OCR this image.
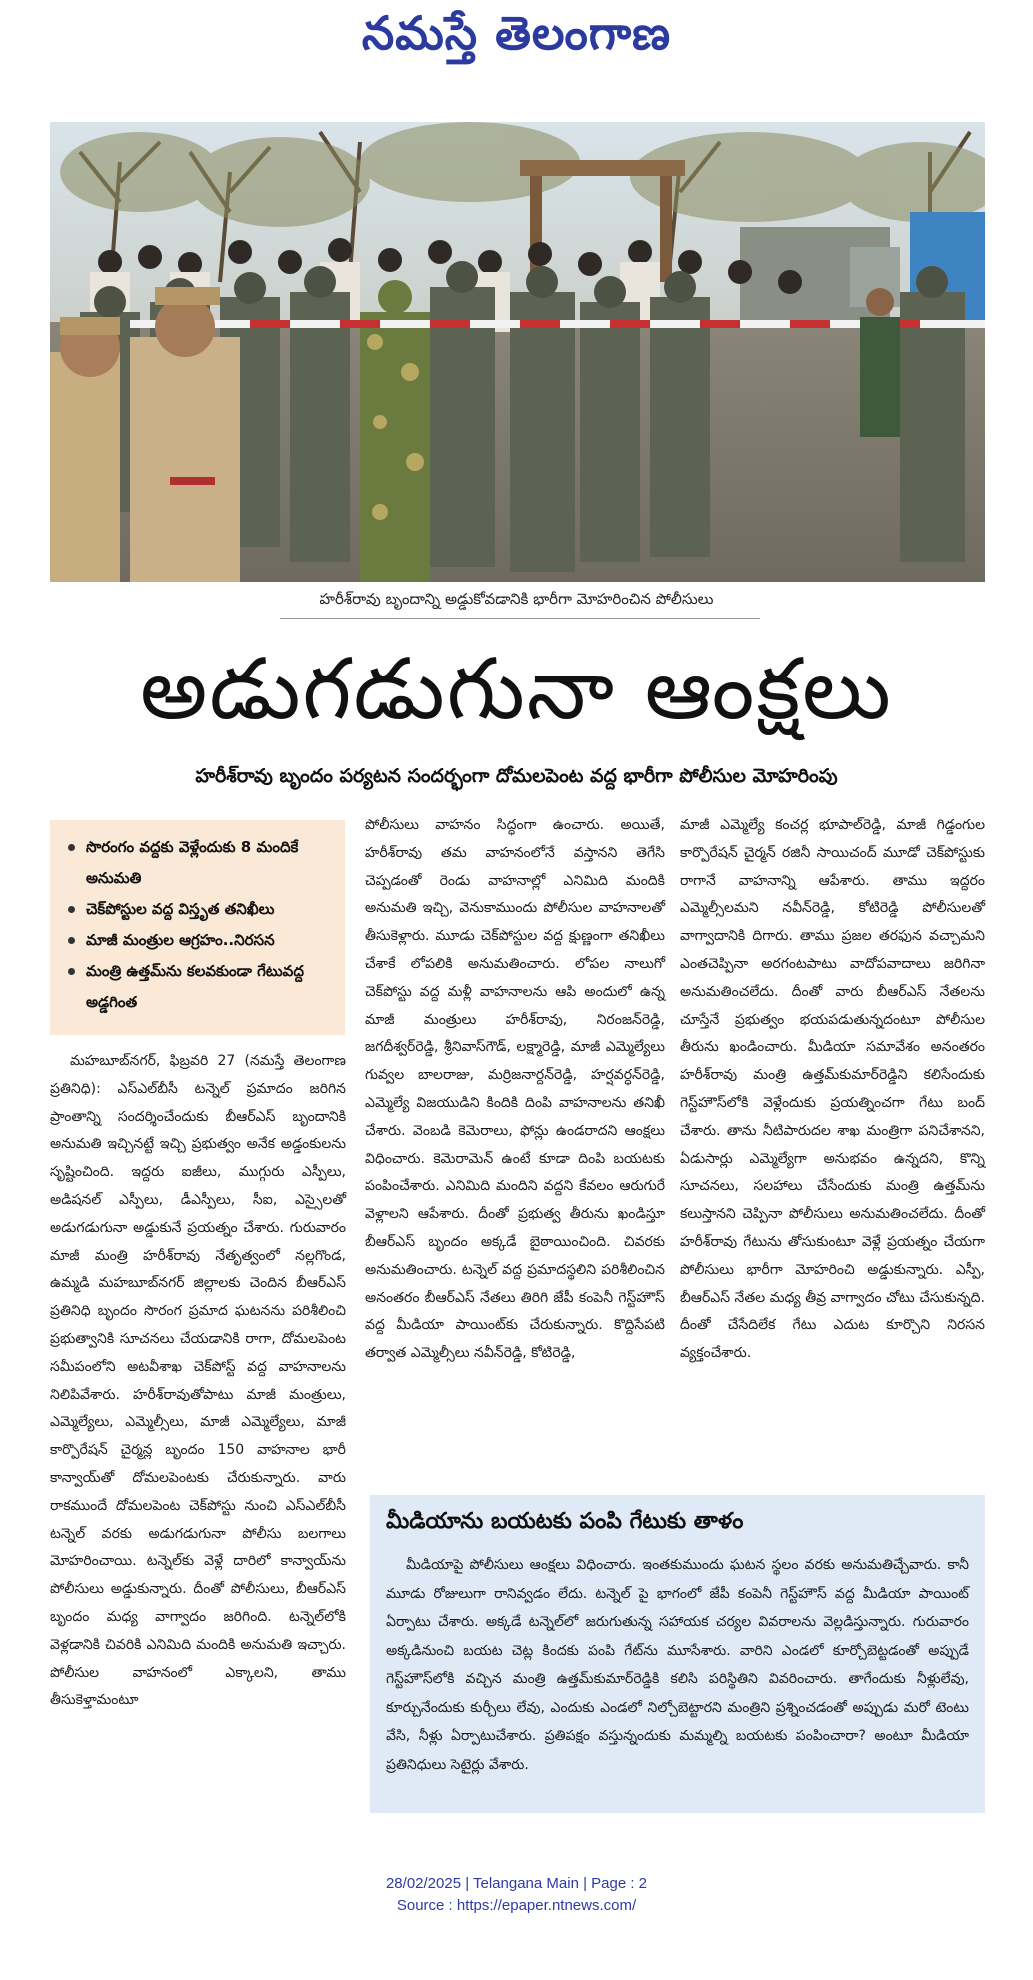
నమస్తే తెలంగాణ
హరీశ్‌రావు బృందాన్ని అడ్డుకోవడానికి భారీగా మోహరించిన పోలీసులు
అడుగడుగునా ఆంక్షలు
హరీశ్‌రావు బృందం పర్యటన సందర్భంగా దోమలపెంట వద్ద భారీగా పోలీసుల మోహరింపు
సొరంగం వద్దకు వెళ్లేందుకు 8 మందికే అనుమతి
చెక్‌పోస్టుల వద్ద విస్తృత తనిఖీలు
మాజీ మంత్రుల ఆగ్రహం..నిరసన
మంత్రి ఉత్తమ్‌ను కలవకుండా గేటువద్ద అడ్డగింత

మహబూబ్‌నగర్‌, ఫిబ్రవరి 27 (నమస్తే తెలంగాణ ప్రతినిధి): ఎస్‌ఎల్‌బీసీ టన్నెల్‌ ప్రమాదం జరిగిన ప్రాంతాన్ని సందర్శించేందుకు బీఆర్‌ఎస్‌ బృందానికి అనుమతి ఇచ్చినట్టే ఇచ్చి ప్రభుత్వం అనేక అడ్డంకులను సృష్టించింది. ఇద్దరు ఐజీలు, ముగ్గురు ఎస్పీలు, అడిషనల్‌ ఎస్పీలు, డీఎస్పీలు, సీఐ, ఎస్సైలతో అడుగడుగునా అడ్డుకునే ప్రయత్నం చేశారు. గురువారం మాజీ మంత్రి హరీశ్‌రావు నేతృత్వంలో నల్లగొండ, ఉమ్మడి మహబూబ్‌నగర్‌ జిల్లాలకు చెందిన బీఆర్‌ఎస్‌ ప్రతినిధి బృందం సొరంగ ప్రమాద ఘటనను పరిశీలించి ప్రభుత్వానికి సూచనలు చేయడానికి రాగా, దోమలపెంట సమీపంలోని అటవీశాఖ చెక్‌పోస్ట్‌ వద్ద వాహనాలను నిలిపివేశారు. హరీశ్‌రావుతోపాటు మాజీ మంత్రులు, ఎమ్మెల్యేలు, ఎమ్మెల్సీలు, మాజీ ఎమ్మెల్యేలు, మాజీ కార్పొరేషన్‌ చైర్మన్ల బృందం 150 వాహనాల భారీ కాన్వాయ్‌తో దోమలపెంటకు చేరుకున్నారు. వారు రాకముందే దోమలపెంట చెక్‌పోస్టు నుంచి ఎస్‌ఎల్‌బీసీ టన్నెల్‌ వరకు అడుగడుగునా పోలీసు బలగాలు మోహరించాయి. టన్నెల్‌కు వెళ్లే దారిలో కాన్వాయ్‌ను పోలీసులు అడ్డుకున్నారు. దీంతో పోలీసులు, బీఆర్‌ఎస్‌ బృందం మధ్య వాగ్వాదం జరిగింది. టన్నెల్‌లోకి వెళ్లడానికి చివరికి ఎనిమిది మందికి అనుమతి ఇచ్చారు. పోలీసుల వాహనంలో ఎక్కాలని, తాము తీసుకెళ్తామంటూ

పోలీసులు వాహనం సిద్ధంగా ఉంచారు. అయితే, హరీశ్‌రావు తమ వాహనంలోనే వస్తానని తెగేసి చెప్పడంతో రెండు వాహనాల్లో ఎనిమిది మందికి అనుమతి ఇచ్చి, వెనుకాముందు పోలీసుల వాహనాలతో తీసుకెళ్లారు. మూడు చెక్‌పోస్టుల వద్ద క్షుణ్ణంగా తనిఖీలు చేశాకే లోపలికి అనుమతించారు. లోపల నాలుగో చెక్‌పోస్టు వద్ద మళ్లీ వాహనాలను ఆపి అందులో ఉన్న మాజీ మంత్రులు హరీశ్‌రావు, నిరంజన్‌రెడ్డి, జగదీశ్వర్‌రెడ్డి, శ్రీనివాస్‌గౌడ్‌, లక్ష్మారెడ్డి, మాజీ ఎమ్మెల్యేలు గువ్వల బాలరాజు, మర్రిజనార్దన్‌రెడ్డి, హర్షవర్ధన్‌రెడ్డి, ఎమ్మెల్యే విజయుడిని కిందికి దింపి వాహనాలను తనిఖీ చేశారు. వెంబడి కెమెరాలు, ఫోన్లు ఉండరాదని ఆంక్షలు విధించారు. కెమెరామెన్‌ ఉంటే కూడా దింపి బయటకు పంపించేశారు. ఎనిమిది మందిని వద్దని కేవలం ఆరుగురే వెళ్లాలని ఆపేశారు. దీంతో ప్రభుత్వ తీరును ఖండిస్తూ బీఆర్‌ఎస్‌ బృందం అక్కడే బైఠాయించింది. చివరకు అనుమతించారు. టన్నెల్‌ వద్ద ప్రమాదస్థలిని పరిశీలించిన అనంతరం బీఆర్‌ఎస్‌ నేతలు తిరిగి జేపీ కంపెనీ గెస్ట్‌హౌస్‌ వద్ద మీడియా పాయింట్‌కు చేరుకున్నారు. కొద్దిసేపటి తర్వాత ఎమ్మెల్సీలు నవీన్‌రెడ్డి, కోటిరెడ్డి,

మాజీ ఎమ్మెల్యే కంచర్ల భూపాల్‌రెడ్డి, మాజీ గిడ్డంగుల కార్పొరేషన్‌ చైర్మన్‌ రజినీ సాయిచంద్‌ మూడో చెక్‌పోస్టుకు రాగానే వాహనాన్ని ఆపేశారు. తాము ఇద్దరం ఎమ్మెల్సీలమని నవీన్‌రెడ్డి, కోటిరెడ్డి పోలీసులతో వాగ్వాదానికి దిగారు. తాము ప్రజల తరఫున వచ్చామని ఎంతచెప్పినా అరగంటపాటు వాదోపవాదాలు జరిగినా అనుమతించలేదు. దీంతో వారు బీఆర్‌ఎస్‌ నేతలను చూస్తేనే ప్రభుత్వం భయపడుతున్నదంటూ పోలీసుల తీరును ఖండించారు. మీడియా సమావేశం అనంతరం హరీశ్‌రావు మంత్రి ఉత్తమ్‌కుమార్‌రెడ్డిని కలిసేందుకు గెస్ట్‌హౌస్‌లోకి వెళ్లేందుకు ప్రయత్నించగా గేటు బంద్‌ చేశారు. తాను నీటిపారుదల శాఖ మంత్రిగా పనిచేశానని, ఏడుసార్లు ఎమ్మెల్యేగా అనుభవం ఉన్నదని, కొన్ని సూచనలు, సలహాలు చేసేందుకు మంత్రి ఉత్తమ్‌ను కలుస్తానని చెప్పినా పోలీసులు అనుమతించలేదు. దీంతో హరీశ్‌రావు గేటును తోసుకుంటూ వెళ్లే ప్రయత్నం చేయగా పోలీసులు భారీగా మోహరించి అడ్డుకున్నారు. ఎస్పీ, బీఆర్‌ఎస్‌ నేతల మధ్య తీవ్ర వాగ్వాదం చోటు చేసుకున్నది. దీంతో చేసేదిలేక గేటు ఎదుట కూర్చొని నిరసన వ్యక్తంచేశారు.

మీడియాను బయటకు పంపి గేటుకు తాళం
మీడియాపై పోలీసులు ఆంక్షలు విధించారు. ఇంతకుముందు ఘటన స్థలం వరకు అనుమతిచ్చేవారు. కానీ మూడు రోజులుగా రానివ్వడం లేదు. టన్నెల్‌ పై భాగంలో జేపీ కంపెనీ గెస్ట్‌హౌస్‌ వద్ద మీడియా పాయింట్‌ ఏర్పాటు చేశారు. అక్కడే టన్నెల్‌లో జరుగుతున్న సహాయక చర్యల వివరాలను వెల్లడిస్తున్నారు. గురువారం అక్కడినుంచి బయట చెట్ల కిందకు పంపి గేట్‌ను మూసేశారు. వారిని ఎండలో కూర్చోబెట్టడంతో అప్పుడే గెస్ట్‌హౌస్‌లోకి వచ్చిన మంత్రి ఉత్తమ్‌కుమార్‌రెడ్డికి కలిసి పరిస్థితిని వివరించారు. తాగేందుకు నీళ్లులేవు, కూర్చునేందుకు కుర్చీలు లేవు, ఎందుకు ఎండలో నిల్చోబెట్టారని మంత్రిని ప్రశ్నించడంతో అప్పుడు మరో టెంటు వేసి, నీళ్లు ఏర్పాటుచేశారు. ప్రతిపక్షం వస్తున్నందుకు మమ్మల్ని బయటకు పంపించారా? అంటూ మీడియా ప్రతినిధులు సెటైర్లు వేశారు.
28/02/2025 | Telangana Main | Page : 2
Source : https://epaper.ntnews.com/
